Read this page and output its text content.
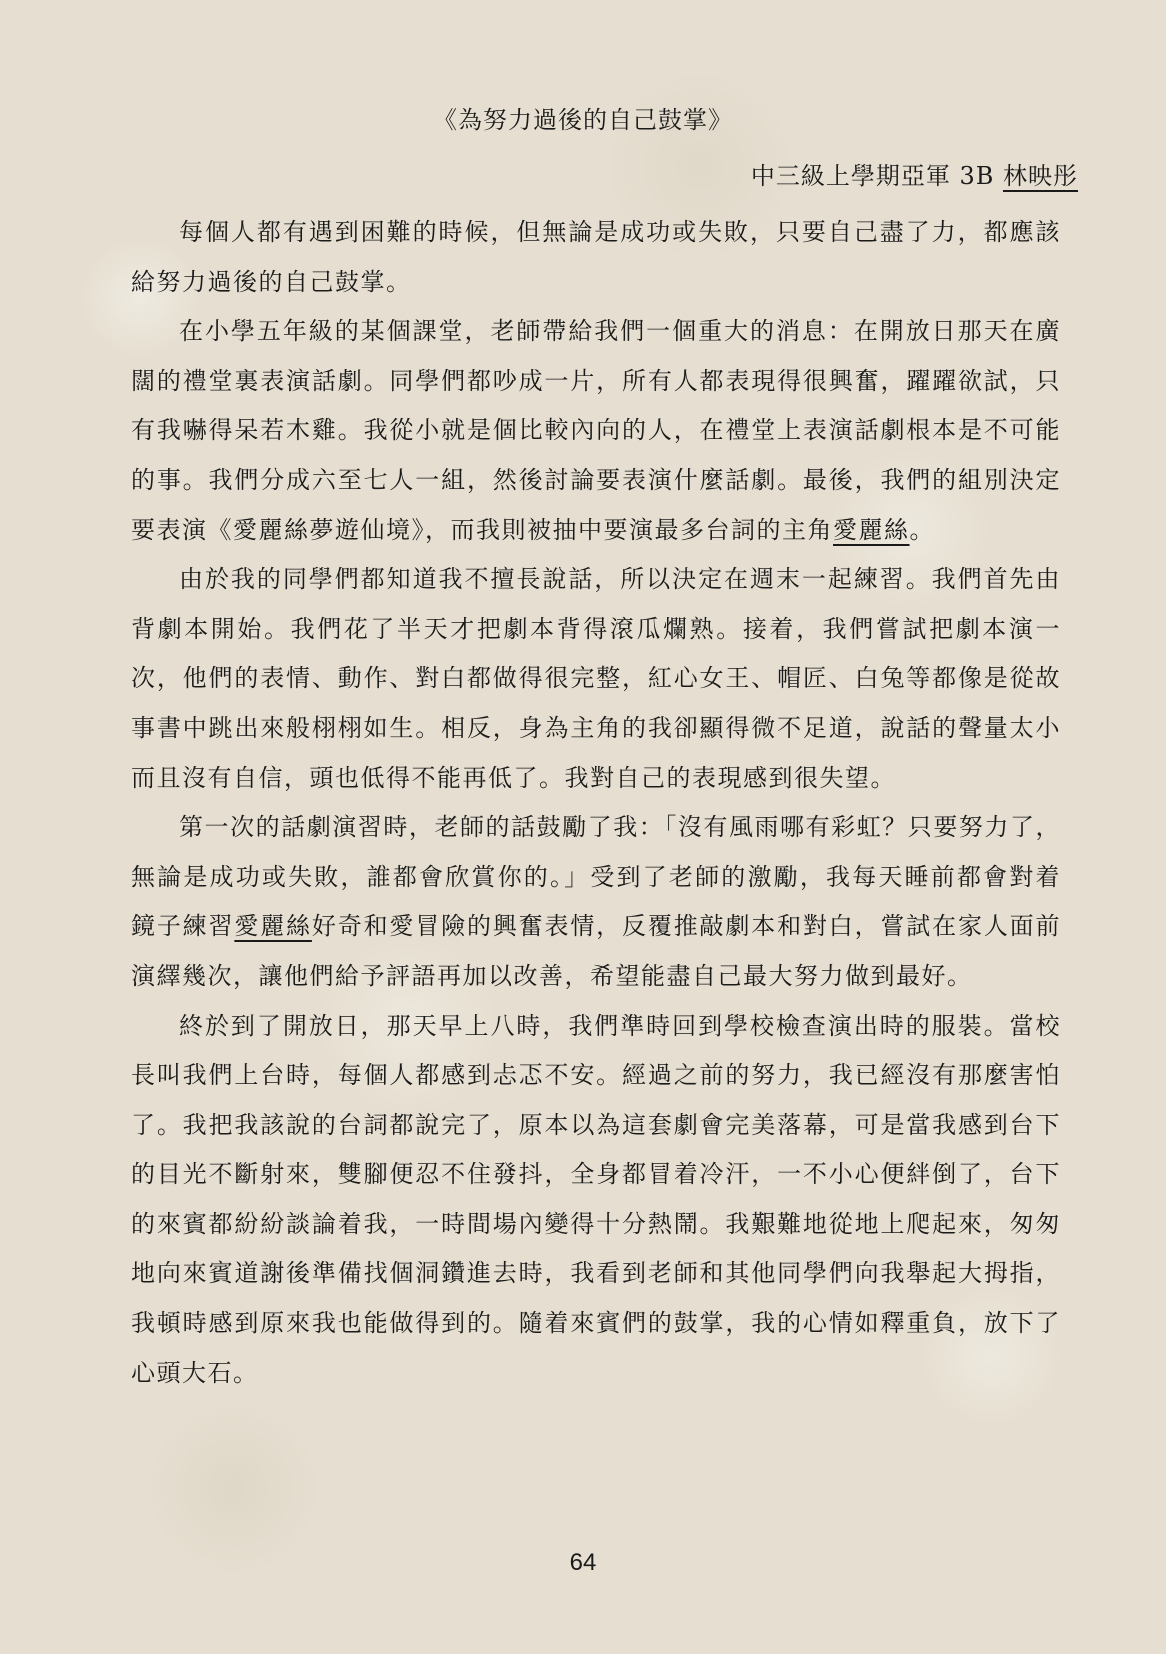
《為努力過後的自己鼓掌》
中三級上學期亞軍 3B 林映彤

每個人都有遇到困難的時候，但無論是成功或失敗，只要自己盡了力，都應該給努力過後的自己鼓掌。

在小學五年級的某個課堂，老師帶給我們一個重大的消息：在開放日那天在廣闊的禮堂裏表演話劇。同學們都吵成一片，所有人都表現得很興奮，躍躍欲試，只有我嚇得呆若木雞。我從小就是個比較內向的人，在禮堂上表演話劇根本是不可能的事。我們分成六至七人一組，然後討論要表演什麼話劇。最後，我們的組別決定要表演《愛麗絲夢遊仙境》，而我則被抽中要演最多台詞的主角愛麗絲。

由於我的同學們都知道我不擅長說話，所以決定在週末一起練習。我們首先由背劇本開始。我們花了半天才把劇本背得滾瓜爛熟。接着，我們嘗試把劇本演一次，他們的表情、動作、對白都做得很完整，紅心女王、帽匠、白兔等都像是從故事書中跳出來般栩栩如生。相反，身為主角的我卻顯得微不足道，說話的聲量太小而且沒有自信，頭也低得不能再低了。我對自己的表現感到很失望。

第一次的話劇演習時，老師的話鼓勵了我：「沒有風雨哪有彩虹？只要努力了，無論是成功或失敗，誰都會欣賞你的。」受到了老師的激勵，我每天睡前都會對着鏡子練習愛麗絲好奇和愛冒險的興奮表情，反覆推敲劇本和對白，嘗試在家人面前演繹幾次，讓他們給予評語再加以改善，希望能盡自己最大努力做到最好。

終於到了開放日，那天早上八時，我們準時回到學校檢查演出時的服裝。當校長叫我們上台時，每個人都感到忐忑不安。經過之前的努力，我已經沒有那麼害怕了。我把我該說的台詞都說完了，原本以為這套劇會完美落幕，可是當我感到台下的目光不斷射來，雙腳便忍不住發抖，全身都冒着冷汗，一不小心便絆倒了，台下的來賓都紛紛談論着我，一時間場內變得十分熱鬧。我艱難地從地上爬起來，匆匆地向來賓道謝後準備找個洞鑽進去時，我看到老師和其他同學們向我舉起大拇指，我頓時感到原來我也能做得到的。隨着來賓們的鼓掌，我的心情如釋重負，放下了心頭大石。

64
